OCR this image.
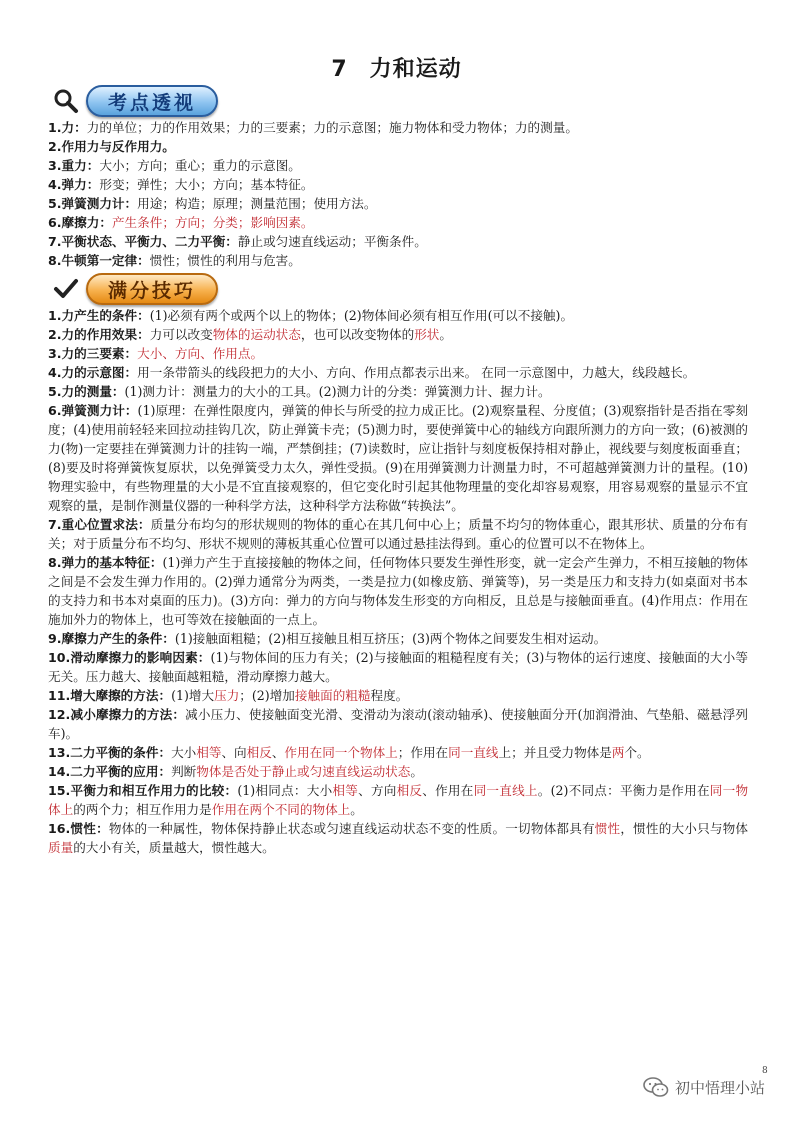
7 力和运动
考点透视

1.力：力的单位；力的作用效果；力的三要素；力的示意图；施力物体和受力物体；力的测量。

2.作用力与反作用力。

3.重力：大小；方向；重心；重力的示意图。

4.弹力：形变；弹性；大小；方向；基本特征。

5.弹簧测力计：用途；构造；原理；测量范围；使用方法。

6.摩擦力：产生条件；方向；分类；影响因素。

7.平衡状态、平衡力、二力平衡：静止或匀速直线运动；平衡条件。

8.牛顿第一定律：惯性；惯性的利用与危害。

满分技巧

1.力产生的条件：(1)必须有两个或两个以上的物体；(2)物体间必须有相互作用(可以不接触)。

2.力的作用效果：力可以改变物体的运动状态，也可以改变物体的形状。

3.力的三要素：大小、方向、作用点。

4.力的示意图：用一条带箭头的线段把力的大小、方向、作用点都表示出来。 在同一示意图中，力越大，线段越长。

5.力的测量：(1)测力计：测量力的大小的工具。(2)测力计的分类：弹簧测力计、握力计。

6.弹簧测力计：(1)原理：在弹性限度内，弹簧的伸长与所受的拉力成正比。(2)观察量程、分度值；(3)观察指针是否指在零刻度；(4)使用前轻轻来回拉动挂钩几次，防止弹簧卡壳；(5)测力时，要使弹簧中心的轴线方向跟所测力的方向一致；(6)被测的力(物)一定要挂在弹簧测力计的挂钩一端，严禁倒挂；(7)读数时，应让指针与刻度板保持相对静止，视线要与刻度板面垂直；(8)要及时将弹簧恢复原状，以免弹簧受力太久，弹性受损。(9)在用弹簧测力计测量力时，不可超越弹簧测力计的量程。(10)物理实验中，有些物理量的大小是不宜直接观察的，但它变化时引起其他物理量的变化却容易观察，用容易观察的量显示不宜观察的量，是制作测量仪器的一种科学方法，这种科学方法称做“转换法”。

7.重心位置求法：质量分布均匀的形状规则的物体的重心在其几何中心上；质量不均匀的物体重心，跟其形状、质量的分布有关；对于质量分布不均匀、形状不规则的薄板其重心位置可以通过悬挂法得到。重心的位置可以不在物体上。

8.弹力的基本特征：(1)弹力产生于直接接触的物体之间，任何物体只要发生弹性形变，就一定会产生弹力，不相互接触的物体之间是不会发生弹力作用的。(2)弹力通常分为两类，一类是拉力(如橡皮筋、弹簧等)，另一类是压力和支持力(如桌面对书本的支持力和书本对桌面的压力)。(3)方向：弹力的方向与物体发生形变的方向相反，且总是与接触面垂直。(4)作用点：作用在施加外力的物体上，也可等效在接触面的一点上。

9.摩擦力产生的条件：(1)接触面粗糙；(2)相互接触且相互挤压；(3)两个物体之间要发生相对运动。

10.滑动摩擦力的影响因素：(1)与物体间的压力有关；(2)与接触面的粗糙程度有关；(3)与物体的运行速度、接触面的大小等无关。压力越大、接触面越粗糙，滑动摩擦力越大。

11.增大摩擦的方法：(1)增大压力；(2)增加接触面的粗糙程度。

12.减小摩擦力的方法：减小压力、使接触面变光滑、变滑动为滚动(滚动轴承)、使接触面分开(加润滑油、气垫船、磁悬浮列车)。

13.二力平衡的条件：大小相等、向相反、作用在同一个物体上；作用在同一直线上；并且受力物体是两个。

14.二力平衡的应用：判断物体是否处于静止或匀速直线运动状态。

15.平衡力和相互作用力的比较：(1)相同点：大小相等、方向相反、作用在同一直线上。(2)不同点：平衡力是作用在同一物体上的两个力；相互作用力是作用在两个不同的物体上。

16.惯性：物体的一种属性，物体保持静止状态或匀速直线运动状态不变的性质。一切物体都具有惯性，惯性的大小只与物体质量的大小有关，质量越大，惯性越大。

8
初中悟理小站
